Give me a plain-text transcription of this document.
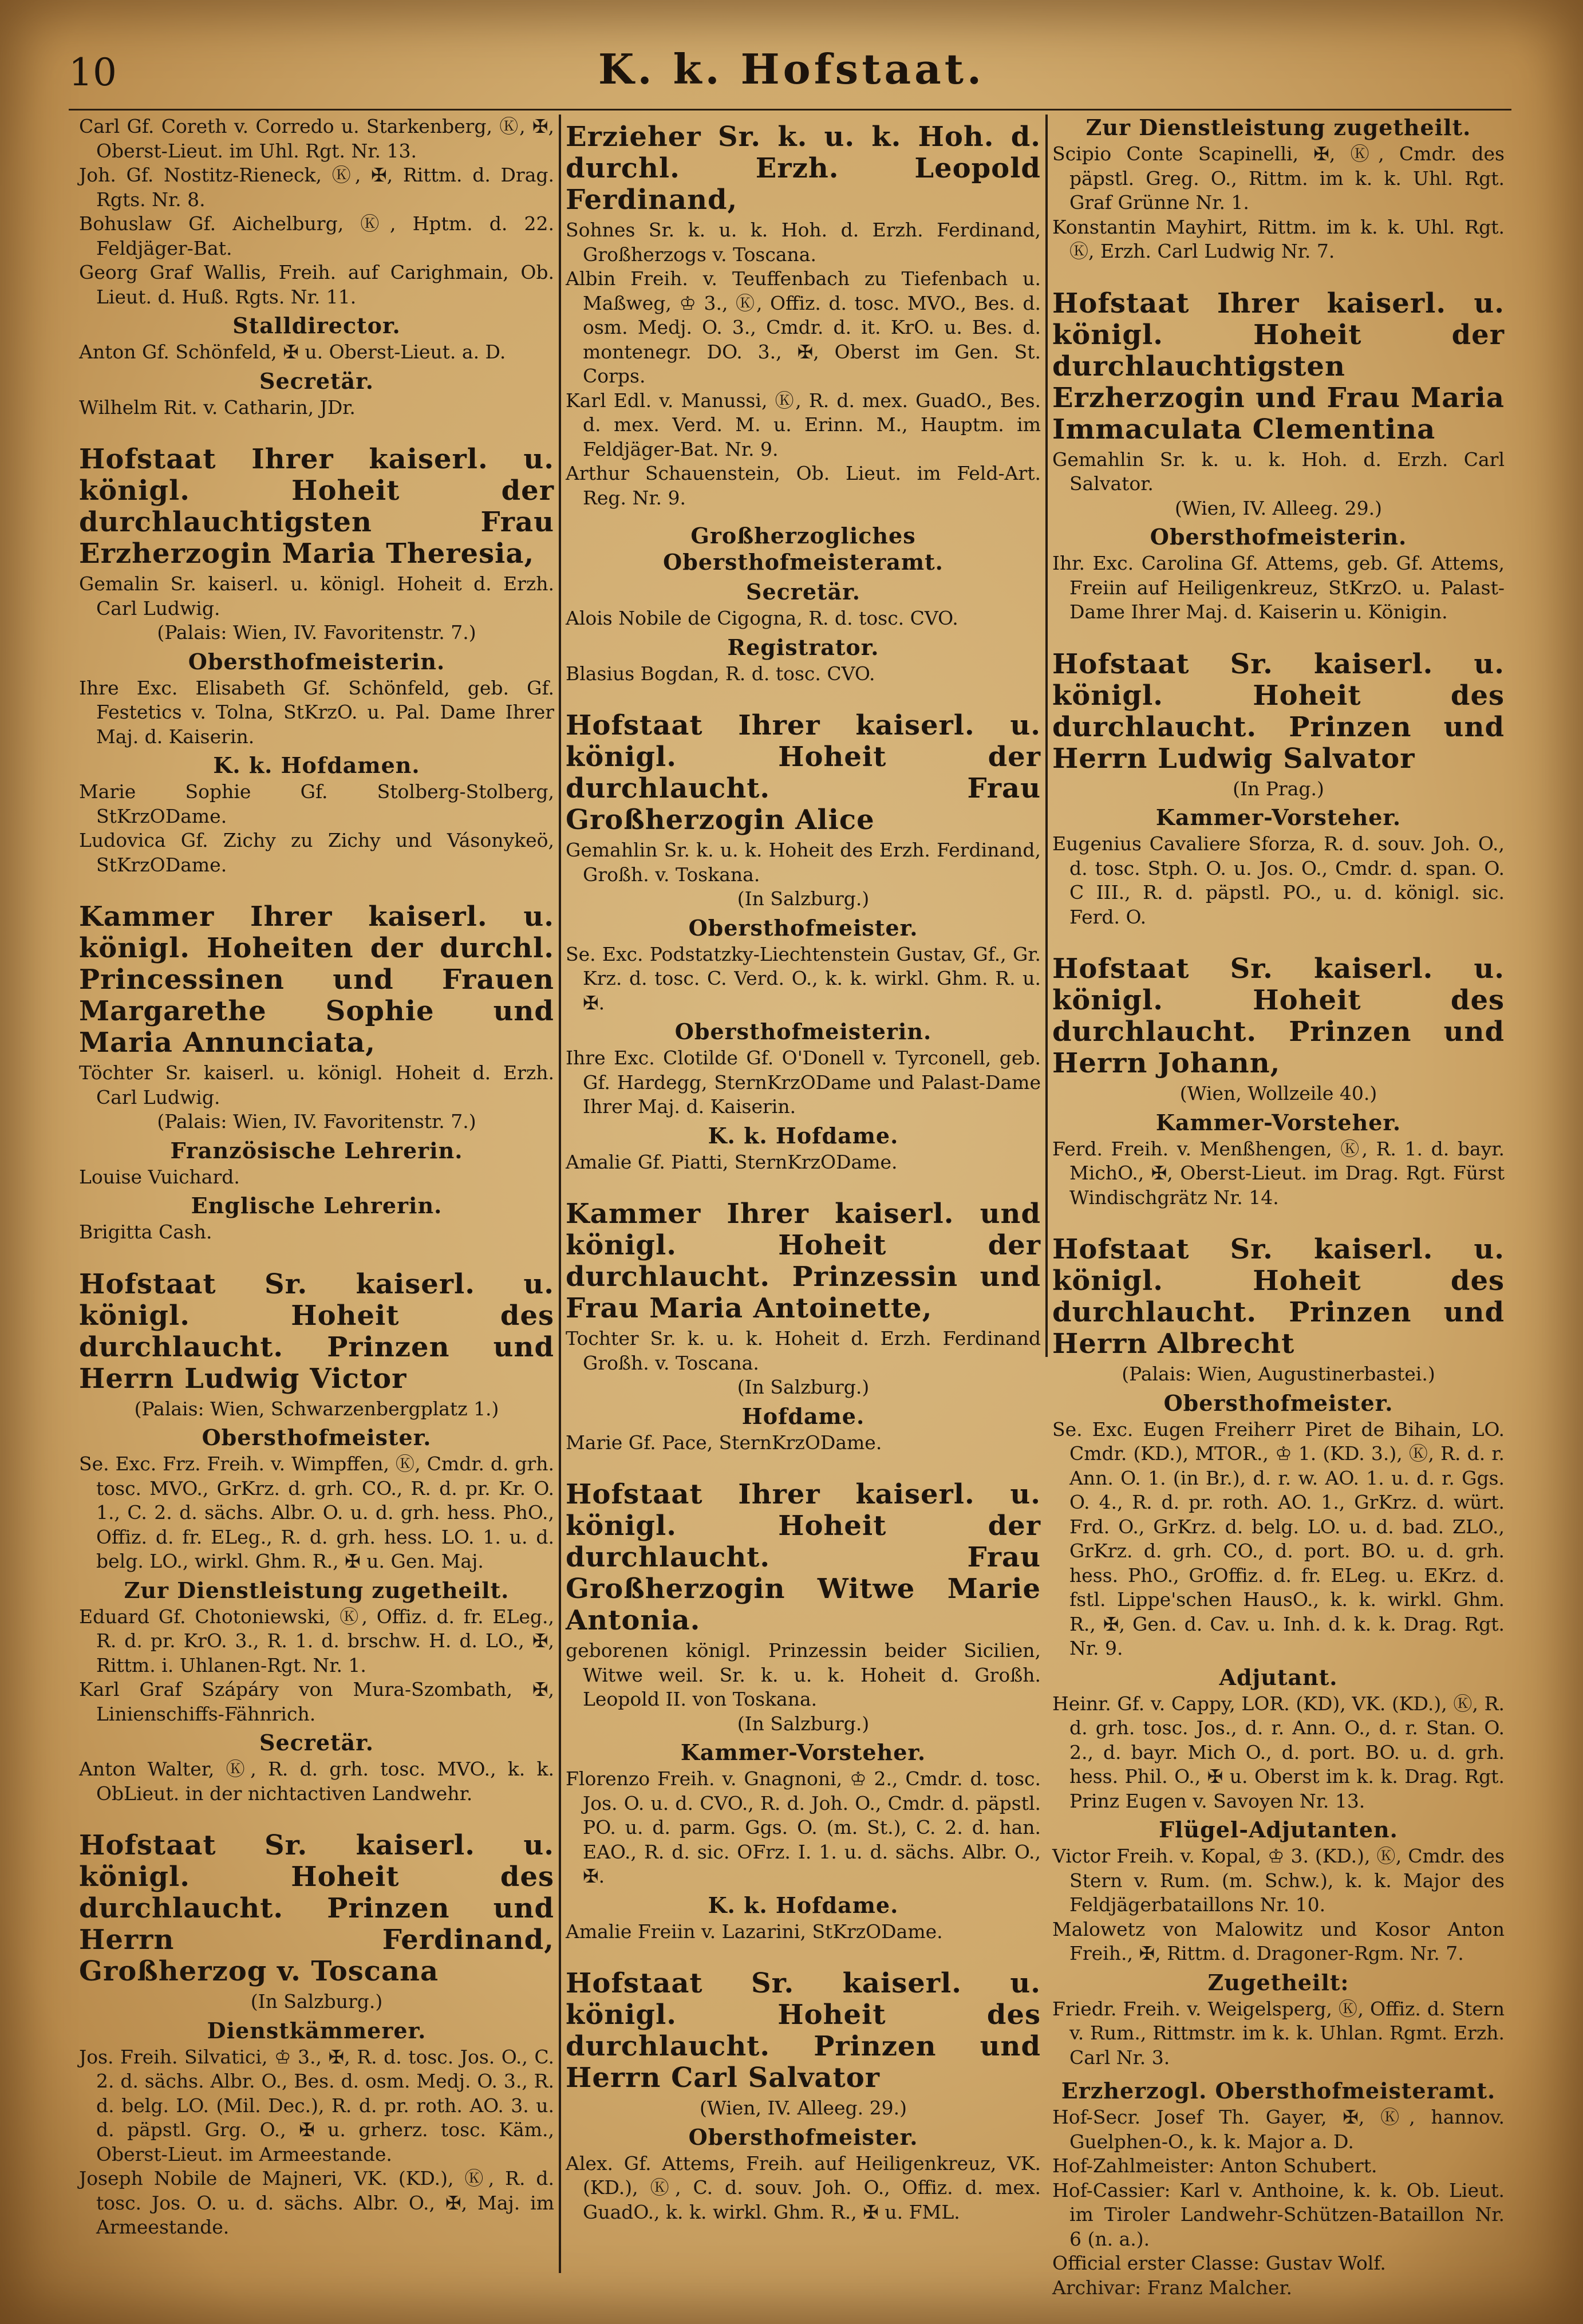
10	K. k. Hofstaat.

Carl Gf. Coreth v. Corredo u. Starkenberg, Ⓚ, ✠, Oberst-Lieut. im Uhl. Rgt. Nr. 13.

Joh. Gf. Nostitz-Rieneck, Ⓚ, ✠, Rittm. d. Drag. Rgts. Nr. 8.

Bohuslaw Gf. Aichelburg, Ⓚ, Hptm. d. 22. Feldjäger-Bat.

Georg Graf Wallis, Freih. auf Carighmain, Ob. Lieut. d. Huß. Rgts. Nr. 11.

Stalldirector.

Anton Gf. Schönfeld, ✠ u. Oberst-Lieut. a. D.

Secretär.

Wilhelm Rit. v. Catharin, JDr.

Hofstaat Ihrer kaiserl. u. königl. Hoheit der durchlauchtigsten Frau Erzherzogin Maria Theresia,

Gemalin Sr. kaiserl. u. königl. Hoheit d. Erzh. Carl Ludwig.

(Palais: Wien, IV. Favoritenstr. 7.)

Obersthofmeisterin.

Ihre Exc. Elisabeth Gf. Schönfeld, geb. Gf. Festetics v. Tolna, StKrzO. u. Pal. Dame Ihrer Maj. d. Kaiserin.

K. k. Hofdamen.

Marie Sophie Gf. Stolberg-Stolberg, StKrzODame.

Ludovica Gf. Zichy zu Zichy und Vásonykeö, StKrzODame.

Kammer Ihrer kaiserl. u. königl. Hoheiten der durchl. Princessinen und Frauen Margarethe Sophie und Maria Annunciata,

Töchter Sr. kaiserl. u. königl. Hoheit d. Erzh. Carl Ludwig.

(Palais: Wien, IV. Favoritenstr. 7.)

Französische Lehrerin.

Louise Vuichard.

Englische Lehrerin.

Brigitta Cash.

Hofstaat Sr. kaiserl. u. königl. Hoheit des durchlaucht. Prinzen und Herrn Ludwig Victor

(Palais: Wien, Schwarzenbergplatz 1.)

Obersthofmeister.

Se. Exc. Frz. Freih. v. Wimpffen, Ⓚ, Cmdr. d. grh. tosc. MVO., GrKrz. d. grh. CO., R. d. pr. Kr. O. 1., C. 2. d. sächs. Albr. O. u. d. grh. hess. PhO., Offiz. d. fr. ELeg., R. d. grh. hess. LO. 1. u. d. belg. LO., wirkl. Ghm. R., ✠ u. Gen. Maj.

Zur Dienstleistung zugetheilt.

Eduard Gf. Chotoniewski, Ⓚ, Offiz. d. fr. ELeg., R. d. pr. KrO. 3., R. 1. d. brschw. H. d. LO., ✠, Rittm. i. Uhlanen-Rgt. Nr. 1.

Karl Graf Szápáry von Mura-Szombath, ✠, Linienschiffs-Fähnrich.

Secretär.

Anton Walter, Ⓚ, R. d. grh. tosc. MVO., k. k. ObLieut. in der nichtactiven Landwehr.

Hofstaat Sr. kaiserl. u. königl. Hoheit des durchlaucht. Prinzen und Herrn Ferdinand, Großherzog v. Toscana

(In Salzburg.)

Dienstkämmerer.

Jos. Freih. Silvatici, ♔ 3., ✠, R. d. tosc. Jos. O., C. 2. d. sächs. Albr. O., Bes. d. osm. Medj. O. 3., R. d. belg. LO. (Mil. Dec.), R. d. pr. roth. AO. 3. u. d. päpstl. Grg. O., ✠ u. grherz. tosc. Käm., Oberst-Lieut. im Armeestande.

Joseph Nobile de Majneri, VK. (KD.), Ⓚ, R. d. tosc. Jos. O. u. d. sächs. Albr. O., ✠, Maj. im Armeestande.

Erzieher Sr. k. u. k. Hoh. d. durchl. Erzh. Leopold Ferdinand,

Sohnes Sr. k. u. k. Hoh. d. Erzh. Ferdinand, Großherzogs v. Toscana.

Albin Freih. v. Teuffenbach zu Tiefenbach u. Maßweg, ♔ 3., Ⓚ, Offiz. d. tosc. MVO., Bes. d. osm. Medj. O. 3., Cmdr. d. it. KrO. u. Bes. d. montenegr. DO. 3., ✠, Oberst im Gen. St. Corps.

Karl Edl. v. Manussi, Ⓚ, R. d. mex. GuadO., Bes. d. mex. Verd. M. u. Erinn. M., Hauptm. im Feldjäger-Bat. Nr. 9.

Arthur Schauenstein, Ob. Lieut. im Feld-Art. Reg. Nr. 9.

Großherzogliches Obersthofmeisteramt.
Secretär.

Alois Nobile de Cigogna, R. d. tosc. CVO.

Registrator.

Blasius Bogdan, R. d. tosc. CVO.

Hofstaat Ihrer kaiserl. u. königl. Hoheit der durchlaucht. Frau Großherzogin Alice

Gemahlin Sr. k. u. k. Hoheit des Erzh. Ferdinand, Großh. v. Toskana.

(In Salzburg.)

Obersthofmeister.

Se. Exc. Podstatzky-Liechtenstein Gustav, Gf., Gr. Krz. d. tosc. C. Verd. O., k. k. wirkl. Ghm. R. u. ✠.

Obersthofmeisterin.

Ihre Exc. Clotilde Gf. O'Donell v. Tyrconell, geb. Gf. Hardegg, SternKrzODame und Palast-Dame Ihrer Maj. d. Kaiserin.

K. k. Hofdame.

Amalie Gf. Piatti, SternKrzODame.

Kammer Ihrer kaiserl. und königl. Hoheit der durchlaucht. Prinzessin und Frau Maria Antoinette,

Tochter Sr. k. u. k. Hoheit d. Erzh. Ferdinand Großh. v. Toscana.

(In Salzburg.)

Hofdame.

Marie Gf. Pace, SternKrzODame.

Hofstaat Ihrer kaiserl. u. königl. Hoheit der durchlaucht. Frau Großherzogin Witwe Marie Antonia.

geborenen königl. Prinzessin beider Sicilien, Witwe weil. Sr. k. u. k. Hoheit d. Großh. Leopold II. von Toskana.

(In Salzburg.)

Kammer-Vorsteher.

Florenzo Freih. v. Gnagnoni, ♔ 2., Cmdr. d. tosc. Jos. O. u. d. CVO., R. d. Joh. O., Cmdr. d. päpstl. PO. u. d. parm. Ggs. O. (m. St.), C. 2. d. han. EAO., R. d. sic. OFrz. I. 1. u. d. sächs. Albr. O., ✠.

K. k. Hofdame.

Amalie Freiin v. Lazarini, StKrzODame.

Hofstaat Sr. kaiserl. u. königl. Hoheit des durchlaucht. Prinzen und Herrn Carl Salvator

(Wien, IV. Alleeg. 29.)

Obersthofmeister.

Alex. Gf. Attems, Freih. auf Heiligenkreuz, VK. (KD.), Ⓚ, C. d. souv. Joh. O., Offiz. d. mex. GuadO., k. k. wirkl. Ghm. R., ✠ u. FML.

Zur Dienstleistung zugetheilt.

Scipio Conte Scapinelli, ✠, Ⓚ, Cmdr. des päpstl. Greg. O., Rittm. im k. k. Uhl. Rgt. Graf Grünne Nr. 1.

Konstantin Mayhirt, Rittm. im k. k. Uhl. Rgt. Ⓚ, Erzh. Carl Ludwig Nr. 7.

Hofstaat Ihrer kaiserl. u. königl. Hoheit der durchlauchtigsten Erzherzogin und Frau Maria Immaculata Clementina

Gemahlin Sr. k. u. k. Hoh. d. Erzh. Carl Salvator.

(Wien, IV. Alleeg. 29.)

Obersthofmeisterin.

Ihr. Exc. Carolina Gf. Attems, geb. Gf. Attems, Freiin auf Heiligenkreuz, StKrzO. u. Palast-Dame Ihrer Maj. d. Kaiserin u. Königin.

Hofstaat Sr. kaiserl. u. königl. Hoheit des durchlaucht. Prinzen und Herrn Ludwig Salvator

(In Prag.)

Kammer-Vorsteher.

Eugenius Cavaliere Sforza, R. d. souv. Joh. O., d. tosc. Stph. O. u. Jos. O., Cmdr. d. span. O. C III., R. d. päpstl. PO., u. d. königl. sic. Ferd. O.

Hofstaat Sr. kaiserl. u. königl. Hoheit des durchlaucht. Prinzen und Herrn Johann,

(Wien, Wollzeile 40.)

Kammer-Vorsteher.

Ferd. Freih. v. Menßhengen, Ⓚ, R. 1. d. bayr. MichO., ✠, Oberst-Lieut. im Drag. Rgt. Fürst Windischgrätz Nr. 14.

Hofstaat Sr. kaiserl. u. königl. Hoheit des durchlaucht. Prinzen und Herrn Albrecht

(Palais: Wien, Augustinerbastei.)

Obersthofmeister.

Se. Exc. Eugen Freiherr Piret de Bihain, LO. Cmdr. (KD.), MTOR., ♔ 1. (KD. 3.), Ⓚ, R. d. r. Ann. O. 1. (in Br.), d. r. w. AO. 1. u. d. r. Ggs. O. 4., R. d. pr. roth. AO. 1., GrKrz. d. würt. Frd. O., GrKrz. d. belg. LO. u. d. bad. ZLO., GrKrz. d. grh. CO., d. port. BO. u. d. grh. hess. PhO., GrOffiz. d. fr. ELeg. u. EKrz. d. fstl. Lippe'schen HausO., k. k. wirkl. Ghm. R., ✠, Gen. d. Cav. u. Inh. d. k. k. Drag. Rgt. Nr. 9.

Adjutant.

Heinr. Gf. v. Cappy, LOR. (KD), VK. (KD.), Ⓚ, R. d. grh. tosc. Jos., d. r. Ann. O., d. r. Stan. O. 2., d. bayr. Mich O., d. port. BO. u. d. grh. hess. Phil. O., ✠ u. Oberst im k. k. Drag. Rgt. Prinz Eugen v. Savoyen Nr. 13.

Flügel-Adjutanten.

Victor Freih. v. Kopal, ♔ 3. (KD.), Ⓚ, Cmdr. des Stern v. Rum. (m. Schw.), k. k. Major des Feldjägerbataillons Nr. 10.

Malowetz von Malowitz und Kosor Anton Freih., ✠, Rittm. d. Dragoner-Rgm. Nr. 7.

Zugetheilt:

Friedr. Freih. v. Weigelsperg, Ⓚ, Offiz. d. Stern v. Rum., Rittmstr. im k. k. Uhlan. Rgmt. Erzh. Carl Nr. 3.

Erzherzogl. Obersthofmeisteramt.

Hof-Secr. Josef Th. Gayer, ✠, Ⓚ, hannov. Guelphen-O., k. k. Major a. D.

Hof-Zahlmeister: Anton Schubert.

Hof-Cassier: Karl v. Anthoine, k. k. Ob. Lieut. im Tiroler Landwehr-Schützen-Bataillon Nr. 6 (n. a.).

Official erster Classe: Gustav Wolf.

Archivar: Franz Malcher.
